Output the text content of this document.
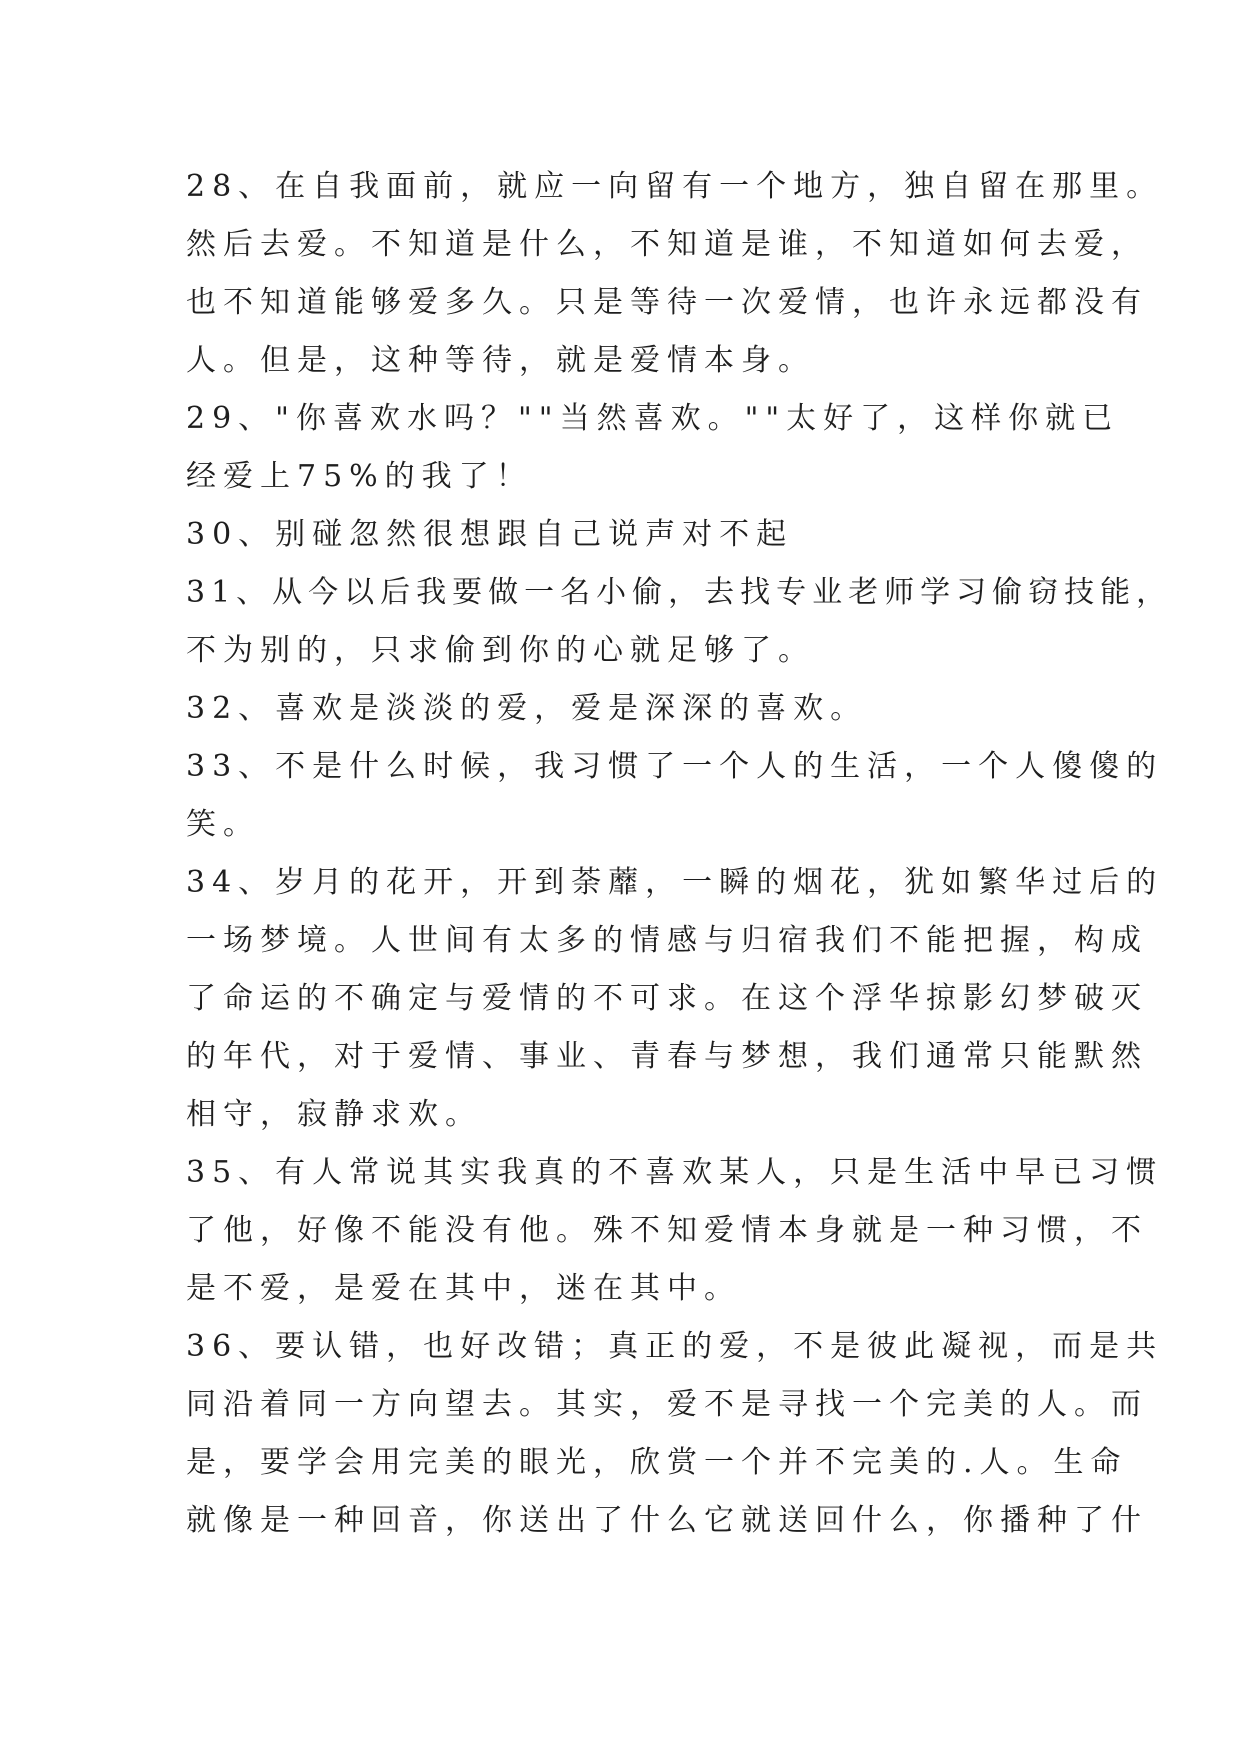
28、在自我面前，就应一向留有一个地方，独自留在那里。
然后去爱。不知道是什么，不知道是谁，不知道如何去爱，
也不知道能够爱多久。只是等待一次爱情，也许永远都没有
人。但是，这种等待，就是爱情本身。
29、"你喜欢水吗？""当然喜欢。""太好了，这样你就已
经爱上75%的我了！
30、别碰忽然很想跟自己说声对不起
31、从今以后我要做一名小偷，去找专业老师学习偷窃技能，
不为别的，只求偷到你的心就足够了。
32、喜欢是淡淡的爱，爱是深深的喜欢。
33、不是什么时候，我习惯了一个人的生活，一个人傻傻的
笑。
34、岁月的花开，开到荼蘼，一瞬的烟花，犹如繁华过后的
一场梦境。人世间有太多的情感与归宿我们不能把握，构成
了命运的不确定与爱情的不可求。在这个浮华掠影幻梦破灭
的年代，对于爱情、事业、青春与梦想，我们通常只能默然
相守，寂静求欢。
35、有人常说其实我真的不喜欢某人，只是生活中早已习惯
了他，好像不能没有他。殊不知爱情本身就是一种习惯，不
是不爱，是爱在其中，迷在其中。
36、要认错，也好改错；真正的爱，不是彼此凝视，而是共
同沿着同一方向望去。其实，爱不是寻找一个完美的人。而
是，要学会用完美的眼光，欣赏一个并不完美的.人。生命
就像是一种回音，你送出了什么它就送回什么，你播种了什
